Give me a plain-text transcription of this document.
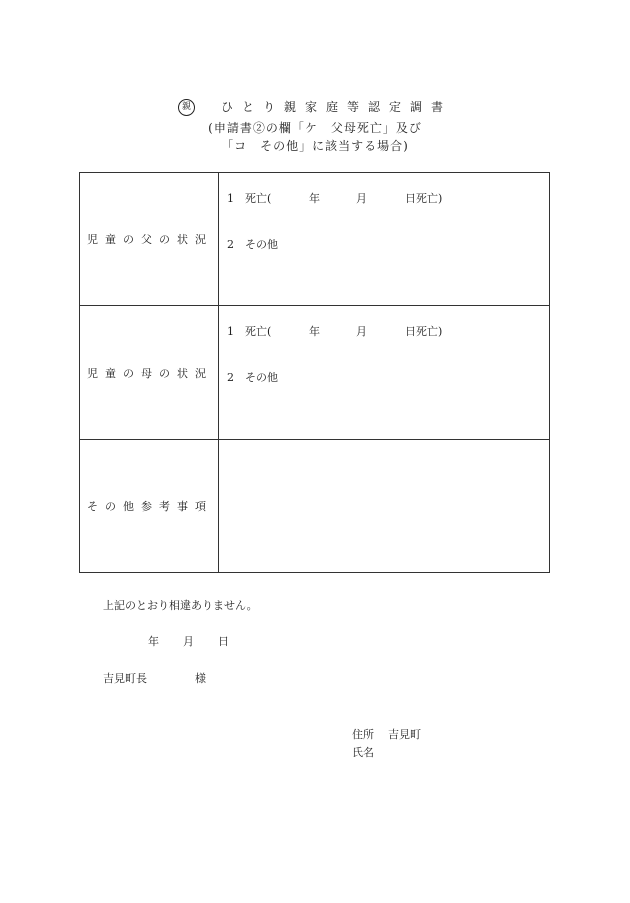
親	ひとり親家庭等認定調書
(申請書②の欄「ケ　父母死亡」及び
「コ　その他」に該当する場合)
児童の父の状況
1 死亡(	年	月	日死亡)
2 その他
児童の母の状況
1 死亡(	年	月	日死亡)
2 その他
その他参考事項
上記のとおり相違ありません。
年 月 日
吉見町長	様
住所 吉見町
氏名
